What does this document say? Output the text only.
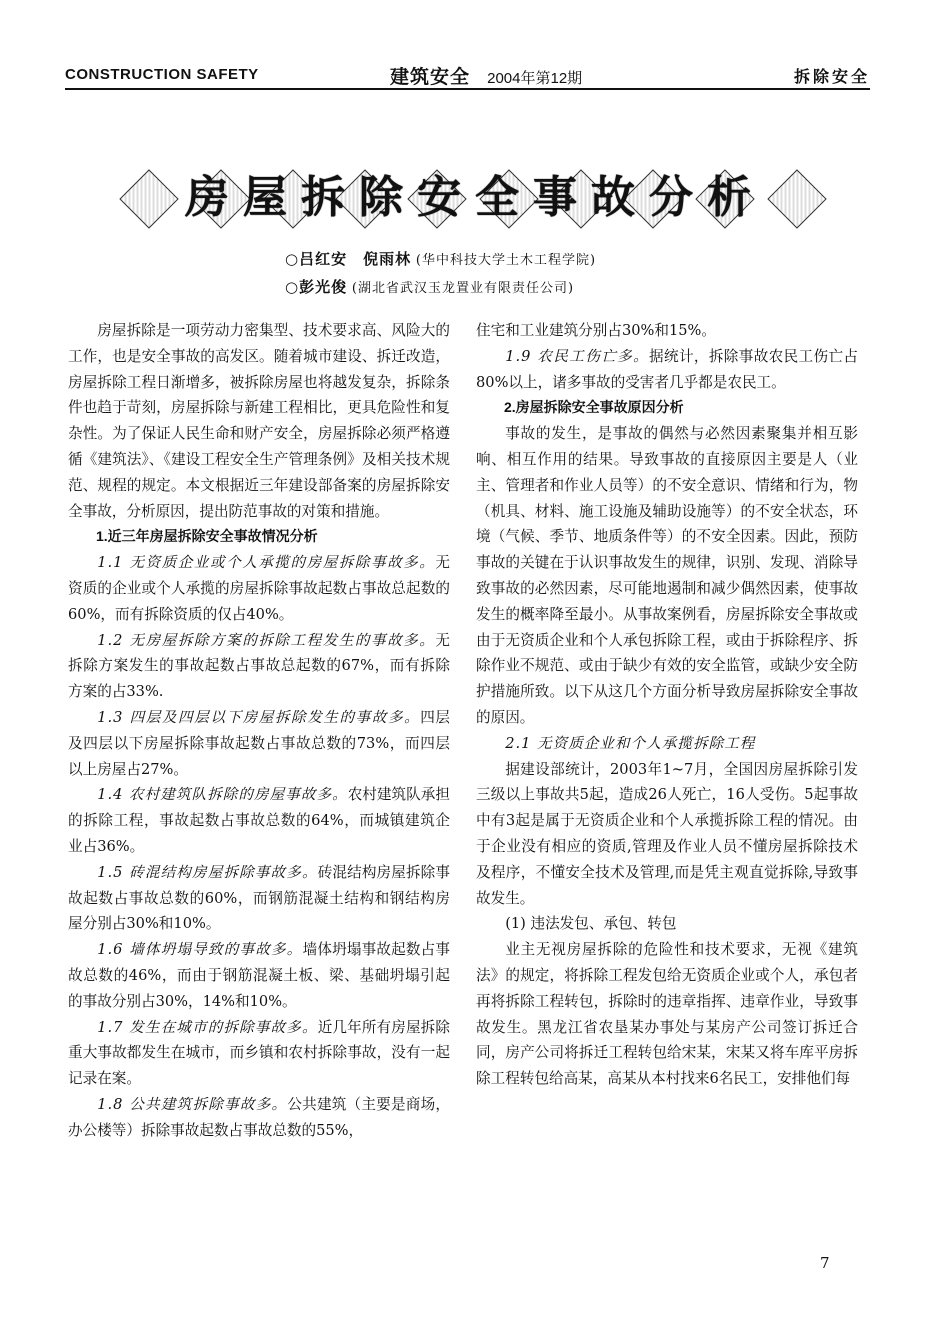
CONSTRUCTION SAFETY	建筑安全 2004年第12期	拆除安全
房屋拆除安全事故分析
○吕红安　倪雨林 (华中科技大学土木工程学院)
○彭光俊 (湖北省武汉玉龙置业有限责任公司)

房屋拆除是一项劳动力密集型、技术要求高、风险大的工作，也是安全事故的高发区。随着城市建设、拆迁改造，房屋拆除工程日渐增多，被拆除房屋也将越发复杂，拆除条件也趋于苛刻，房屋拆除与新建工程相比，更具危险性和复杂性。为了保证人民生命和财产安全，房屋拆除必须严格遵循《建筑法》、《建设工程安全生产管理条例》及相关技术规范、规程的规定。本文根据近三年建设部备案的房屋拆除安全事故，分析原因，提出防范事故的对策和措施。

1.近三年房屋拆除安全事故情况分析

1.1 无资质企业或个人承揽的房屋拆除事故多。无资质的企业或个人承揽的房屋拆除事故起数占事故总起数的60%，而有拆除资质的仅占40%。

1.2 无房屋拆除方案的拆除工程发生的事故多。无拆除方案发生的事故起数占事故总起数的67%，而有拆除方案的占33%.

1.3 四层及四层以下房屋拆除发生的事故多。四层及四层以下房屋拆除事故起数占事故总数的73%，而四层以上房屋占27%。

1.4 农村建筑队拆除的房屋事故多。农村建筑队承担的拆除工程，事故起数占事故总数的64%，而城镇建筑企业占36%。

1.5 砖混结构房屋拆除事故多。砖混结构房屋拆除事故起数占事故总数的60%，而钢筋混凝土结构和钢结构房屋分别占30%和10%。

1.6 墙体坍塌导致的事故多。墙体坍塌事故起数占事故总数的46%，而由于钢筋混凝土板、梁、基础坍塌引起的事故分别占30%，14%和10%。

1.7 发生在城市的拆除事故多。近几年所有房屋拆除重大事故都发生在城市，而乡镇和农村拆除事故，没有一起记录在案。

1.8 公共建筑拆除事故多。公共建筑（主要是商场，办公楼等）拆除事故起数占事故总数的55%，

住宅和工业建筑分别占30%和15%。

1.9 农民工伤亡多。据统计，拆除事故农民工伤亡占80%以上，诸多事故的受害者几乎都是农民工。

2.房屋拆除安全事故原因分析

事故的发生，是事故的偶然与必然因素聚集并相互影响、相互作用的结果。导致事故的直接原因主要是人（业主、管理者和作业人员等）的不安全意识、情绪和行为，物（机具、材料、施工设施及辅助设施等）的不安全状态，环境（气候、季节、地质条件等）的不安全因素。因此，预防事故的关键在于认识事故发生的规律，识别、发现、消除导致事故的必然因素，尽可能地遏制和减少偶然因素，使事故发生的概率降至最小。从事故案例看，房屋拆除安全事故或由于无资质企业和个人承包拆除工程，或由于拆除程序、拆除作业不规范、或由于缺少有效的安全监管，或缺少安全防护措施所致。以下从这几个方面分析导致房屋拆除安全事故的原因。

2.1 无资质企业和个人承揽拆除工程

据建设部统计，2003年1~7月，全国因房屋拆除引发三级以上事故共5起，造成26人死亡，16人受伤。5起事故中有3起是属于无资质企业和个人承揽拆除工程的情况。由于企业没有相应的资质,管理及作业人员不懂房屋拆除技术及程序，不懂安全技术及管理,而是凭主观直觉拆除,导致事故发生。

(1) 违法发包、承包、转包

业主无视房屋拆除的危险性和技术要求，无视《建筑法》的规定，将拆除工程发包给无资质企业或个人，承包者再将拆除工程转包，拆除时的违章指挥、违章作业，导致事故发生。黑龙江省农垦某办事处与某房产公司签订拆迁合同，房产公司将拆迁工程转包给宋某，宋某又将车库平房拆除工程转包给高某，高某从本村找来6名民工，安排他们每

7
